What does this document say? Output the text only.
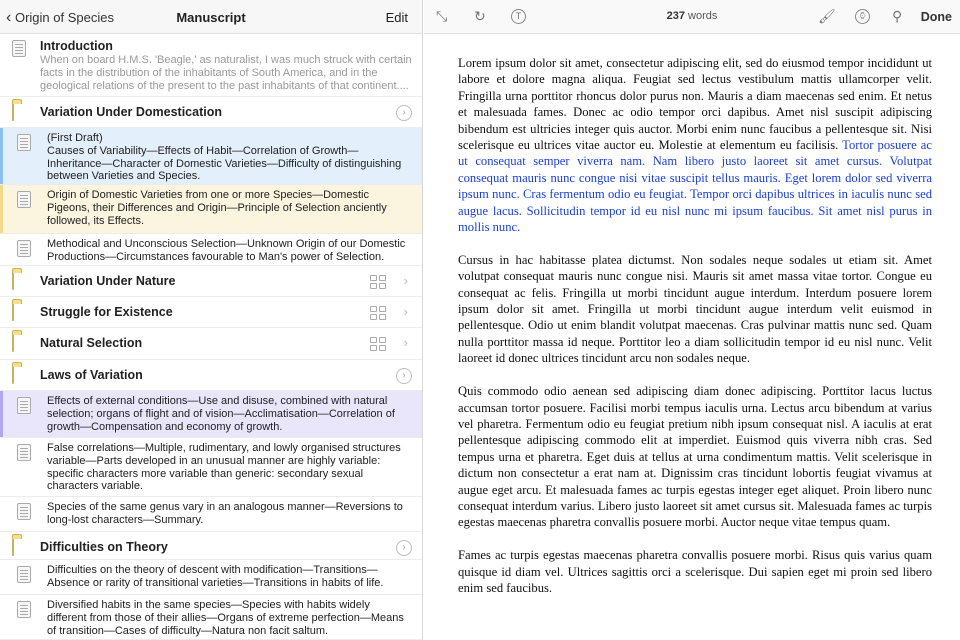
‹ Origin of Species	Manuscript	Edit
Introduction
When on board H.M.S. 'Beagle,' as naturalist, I was much struck with certain facts in the distribution of the inhabitants of South America, and in the geological relations of the present to the past inhabitants of that continent....
Variation Under Domestication	›
(First Draft)
Causes of Variability—Effects of Habit—Correlation of Growth—Inheritance—Character of Domestic Varieties—Difficulty of distinguishing between Varieties and Species.
Origin of Domestic Varieties from one or more Species—Domestic Pigeons, their Differences and Origin—Principle of Selection anciently followed, its Effects.
Methodical and Unconscious Selection—Unknown Origin of our Domestic Productions—Circumstances favourable to Man's power of Selection.
Variation Under Nature	›
Struggle for Existence	›
Natural Selection	›
Laws of Variation	›
Effects of external conditions—Use and disuse, combined with natural selection; organs of flight and of vision—Acclimatisation—Correlation of growth—Compensation and economy of growth.
False correlations—Multiple, rudimentary, and lowly organised structures variable—Parts developed in an unusual manner are highly variable: specific characters more variable than generic: secondary sexual characters variable.
Species of the same genus vary in an analogous manner—Reversions to long-lost characters—Summary.
Difficulties on Theory	›
Difficulties on the theory of descent with modification—Transitions—Absence or rarity of transitional varieties—Transitions in habits of life.
Diversified habits in the same species—Species with habits widely different from those of their allies—Organs of extreme perfection—Means of transition—Cases of difficulty—Natura non facit saltum.
⤡ ↻	T	237 words	🖌︎	⌚︎ ⚲ Done

Lorem ipsum dolor sit amet, consectetur adipiscing elit, sed do eiusmod tempor incididunt ut labore et dolore magna aliqua. Feugiat sed lectus vestibulum mattis ullamcorper velit. Fringilla urna porttitor rhoncus dolor purus non. Mauris a diam maecenas sed enim. Et netus et malesuada fames. Donec ac odio tempor orci dapibus. Amet nisl suscipit adipiscing bibendum est ultricies integer quis auctor. Morbi enim nunc faucibus a pellentesque sit. Nisi scelerisque eu ultrices vitae auctor eu. Molestie at elementum eu facilisis. Tortor posuere ac ut consequat semper viverra nam. Nam libero justo laoreet sit amet cursus. Volutpat consequat mauris nunc congue nisi vitae suscipit tellus mauris. Eget lorem dolor sed viverra ipsum nunc. Cras fermentum odio eu feugiat. Tempor orci dapibus ultrices in iaculis nunc sed augue lacus. Sollicitudin tempor id eu nisl nunc mi ipsum faucibus. Sit amet nisl purus in mollis nunc.

Cursus in hac habitasse platea dictumst. Non sodales neque sodales ut etiam sit. Amet volutpat consequat mauris nunc congue nisi. Mauris sit amet massa vitae tortor. Congue eu consequat ac felis. Fringilla ut morbi tincidunt augue interdum. Interdum posuere lorem ipsum dolor sit amet. Fringilla ut morbi tincidunt augue interdum velit euismod in pellentesque. Odio ut enim blandit volutpat maecenas. Cras pulvinar mattis nunc sed. Quam nulla porttitor massa id neque. Porttitor leo a diam sollicitudin tempor id eu nisl nunc. Velit laoreet id donec ultrices tincidunt arcu non sodales neque.

Quis commodo odio aenean sed adipiscing diam donec adipiscing. Porttitor lacus luctus accumsan tortor posuere. Facilisi morbi tempus iaculis urna. Lectus arcu bibendum at varius vel pharetra. Fermentum odio eu feugiat pretium nibh ipsum consequat nisl. A iaculis at erat pellentesque adipiscing commodo elit at imperdiet. Euismod quis viverra nibh cras. Sed tempus urna et pharetra. Eget duis at tellus at urna condimentum mattis. Velit scelerisque in dictum non consectetur a erat nam at. Dignissim cras tincidunt lobortis feugiat vivamus at augue eget arcu. Et malesuada fames ac turpis egestas integer eget aliquet. Proin libero nunc consequat interdum varius. Libero justo laoreet sit amet cursus sit. Malesuada fames ac turpis egestas maecenas pharetra convallis posuere morbi. Auctor neque vitae tempus quam.

Fames ac turpis egestas maecenas pharetra convallis posuere morbi. Risus quis varius quam quisque id diam vel. Ultrices sagittis orci a scelerisque. Dui sapien eget mi proin sed libero enim sed faucibus.
